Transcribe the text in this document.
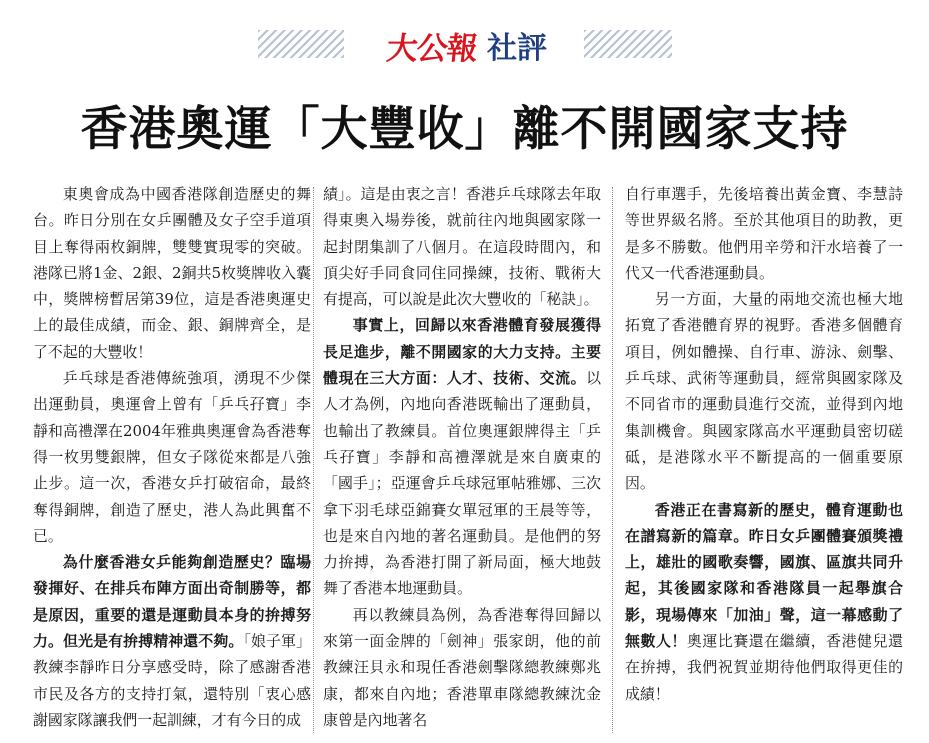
大公報 社評
香港奧運「大豐收」離不開國家支持

東奧會成為中國香港隊創造歷史的舞台。昨日分別在女乒團體及女子空手道項目上奪得兩枚銅牌，雙雙實現零的突破。港隊已將1金、2銀、2銅共5枚獎牌收入囊中，獎牌榜暫居第39位，這是香港奧運史上的最佳成績，而金、銀、銅牌齊全，是了不起的大豐收！

乒乓球是香港傳統強項，湧現不少傑出運動員，奧運會上曾有「乒乓孖寶」李靜和高禮澤在2004年雅典奧運會為香港奪得一枚男雙銀牌，但女子隊從來都是八強止步。這一次，香港女乒打破宿命，最終奪得銅牌，創造了歷史，港人為此興奮不已。

為什麼香港女乒能夠創造歷史？臨場發揮好、在排兵布陣方面出奇制勝等，都是原因，重要的還是運動員本身的拚搏努力。但光是有拚搏精神還不夠。「娘子軍」教練李靜昨日分享感受時，除了感謝香港市民及各方的支持打氣，還特別「衷心感謝國家隊讓我們一起訓練，才有今日的成

績」。這是由衷之言！香港乒乓球隊去年取得東奧入場券後，就前往內地與國家隊一起封閉集訓了八個月。在這段時間內，和頂尖好手同食同住同操練，技術、戰術大有提高，可以說是此次大豐收的「秘訣」。

事實上，回歸以來香港體育發展獲得長足進步，離不開國家的大力支持。主要體現在三大方面：人才、技術、交流。以人才為例，內地向香港既輸出了運動員，也輸出了教練員。首位奧運銀牌得主「乒乓孖寶」李靜和高禮澤就是來自廣東的「國手」；亞運會乒乓球冠軍帖雅娜、三次拿下羽毛球亞錦賽女單冠軍的王晨等等，也是來自內地的著名運動員。是他們的努力拚搏，為香港打開了新局面，極大地鼓舞了香港本地運動員。

再以教練員為例，為香港奪得回歸以來第一面金牌的「劍神」張家朗，他的前教練汪貝永和現任香港劍擊隊總教練鄭兆康，都來自內地；香港單車隊總教練沈金康曾是內地著名

自行車選手，先後培養出黃金寶、李慧詩等世界級名將。至於其他項目的助教，更是多不勝數。他們用辛勞和汗水培養了一代又一代香港運動員。

另一方面，大量的兩地交流也極大地拓寬了香港體育界的視野。香港多個體育項目，例如體操、自行車、游泳、劍擊、乒乓球、武術等運動員，經常與國家隊及不同省市的運動員進行交流，並得到內地集訓機會。與國家隊高水平運動員密切磋砥，是港隊水平不斷提高的一個重要原因。

香港正在書寫新的歷史，體育運動也在譜寫新的篇章。昨日女乒團體賽頒獎禮上，雄壯的國歌奏響，國旗、區旗共同升起，其後國家隊和香港隊員一起舉旗合影，現場傳來「加油」聲，這一幕感動了無數人！奧運比賽還在繼續，香港健兒還在拚搏，我們祝賀並期待他們取得更佳的成績！
